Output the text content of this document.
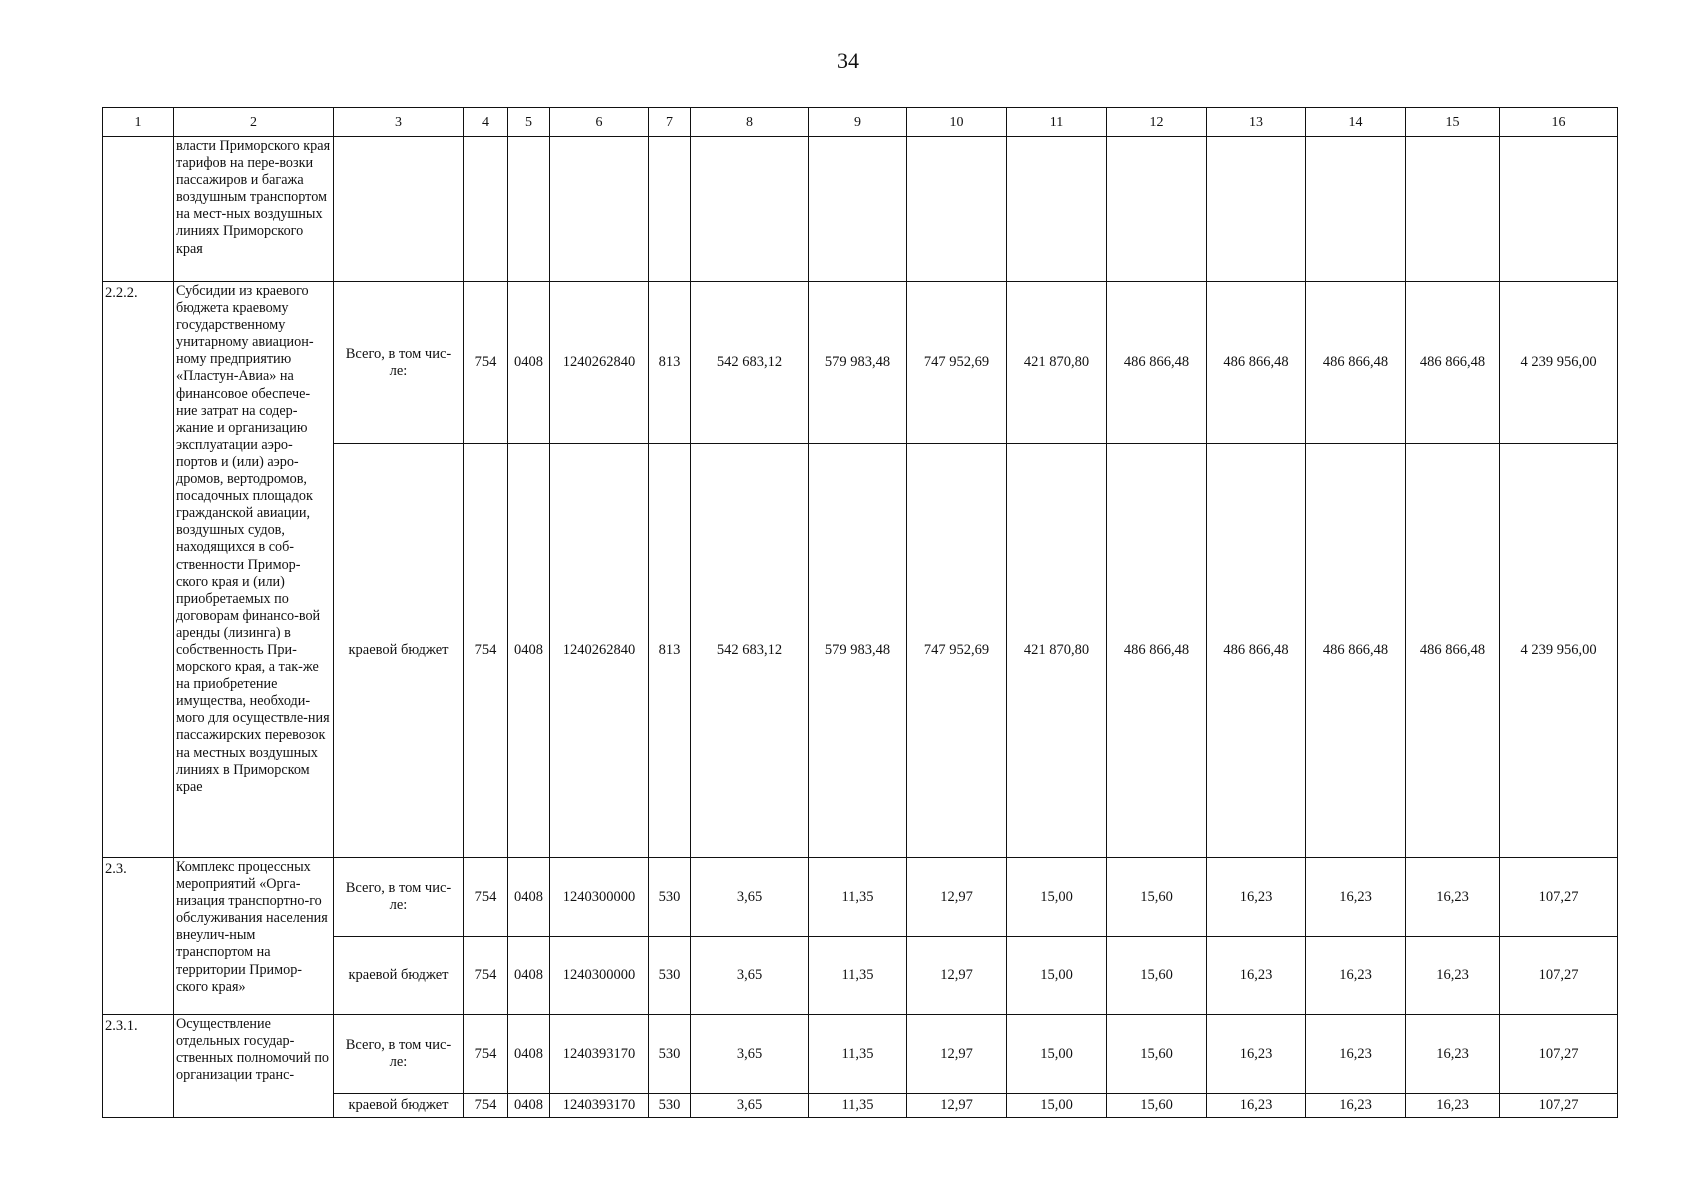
34
1	2	3	4	5	6	7	8	9	10	11	12	13	14	15	16
	власти Приморского края тарифов на пере-возки пассажиров и багажа воздушным транспортом на мест-ных воздушных линиях Приморского края														
2.2.2.	Субсидии из краевого бюджета краевому государственному унитарному авиацион-ному предприятию «Пластун-Авиа» на финансовое обеспече-ние затрат на содер-жание и организацию эксплуатации аэро-портов и (или) аэро-дромов, вертодромов, посадочных площадок гражданской авиации, воздушных судов, находящихся в соб-ственности Примор-ского края и (или) приобретаемых по договорам финансо-вой аренды (лизинга) в собственность При-морского края, а так-же на приобретение имущества, необходи-мого для осуществле-ния пассажирских перевозок на местных воздушных линиях в Приморском крае	Всего, в том чис-ле:	754	0408	1240262840	813	542 683,12	579 983,48	747 952,69	421 870,80	486 866,48	486 866,48	486 866,48	486 866,48	4 239 956,00
		краевой бюджет	754	0408	1240262840	813	542 683,12	579 983,48	747 952,69	421 870,80	486 866,48	486 866,48	486 866,48	486 866,48	4 239 956,00
2.3.	Комплекс процессных мероприятий «Орга-низация транспортно-го обслуживания населения внеулич-ным транспортом на территории Примор-ского края»	Всего, в том чис-ле:	754	0408	1240300000	530	3,65	11,35	12,97	15,00	15,60	16,23	16,23	16,23	107,27
		краевой бюджет	754	0408	1240300000	530	3,65	11,35	12,97	15,00	15,60	16,23	16,23	16,23	107,27
2.3.1.	Осуществление отдельных государ-ственных полномочий по организации транс-	Всего, в том чис-ле:	754	0408	1240393170	530	3,65	11,35	12,97	15,00	15,60	16,23	16,23	16,23	107,27
		краевой бюджет	754	0408	1240393170	530	3,65	11,35	12,97	15,00	15,60	16,23	16,23	16,23	107,27
